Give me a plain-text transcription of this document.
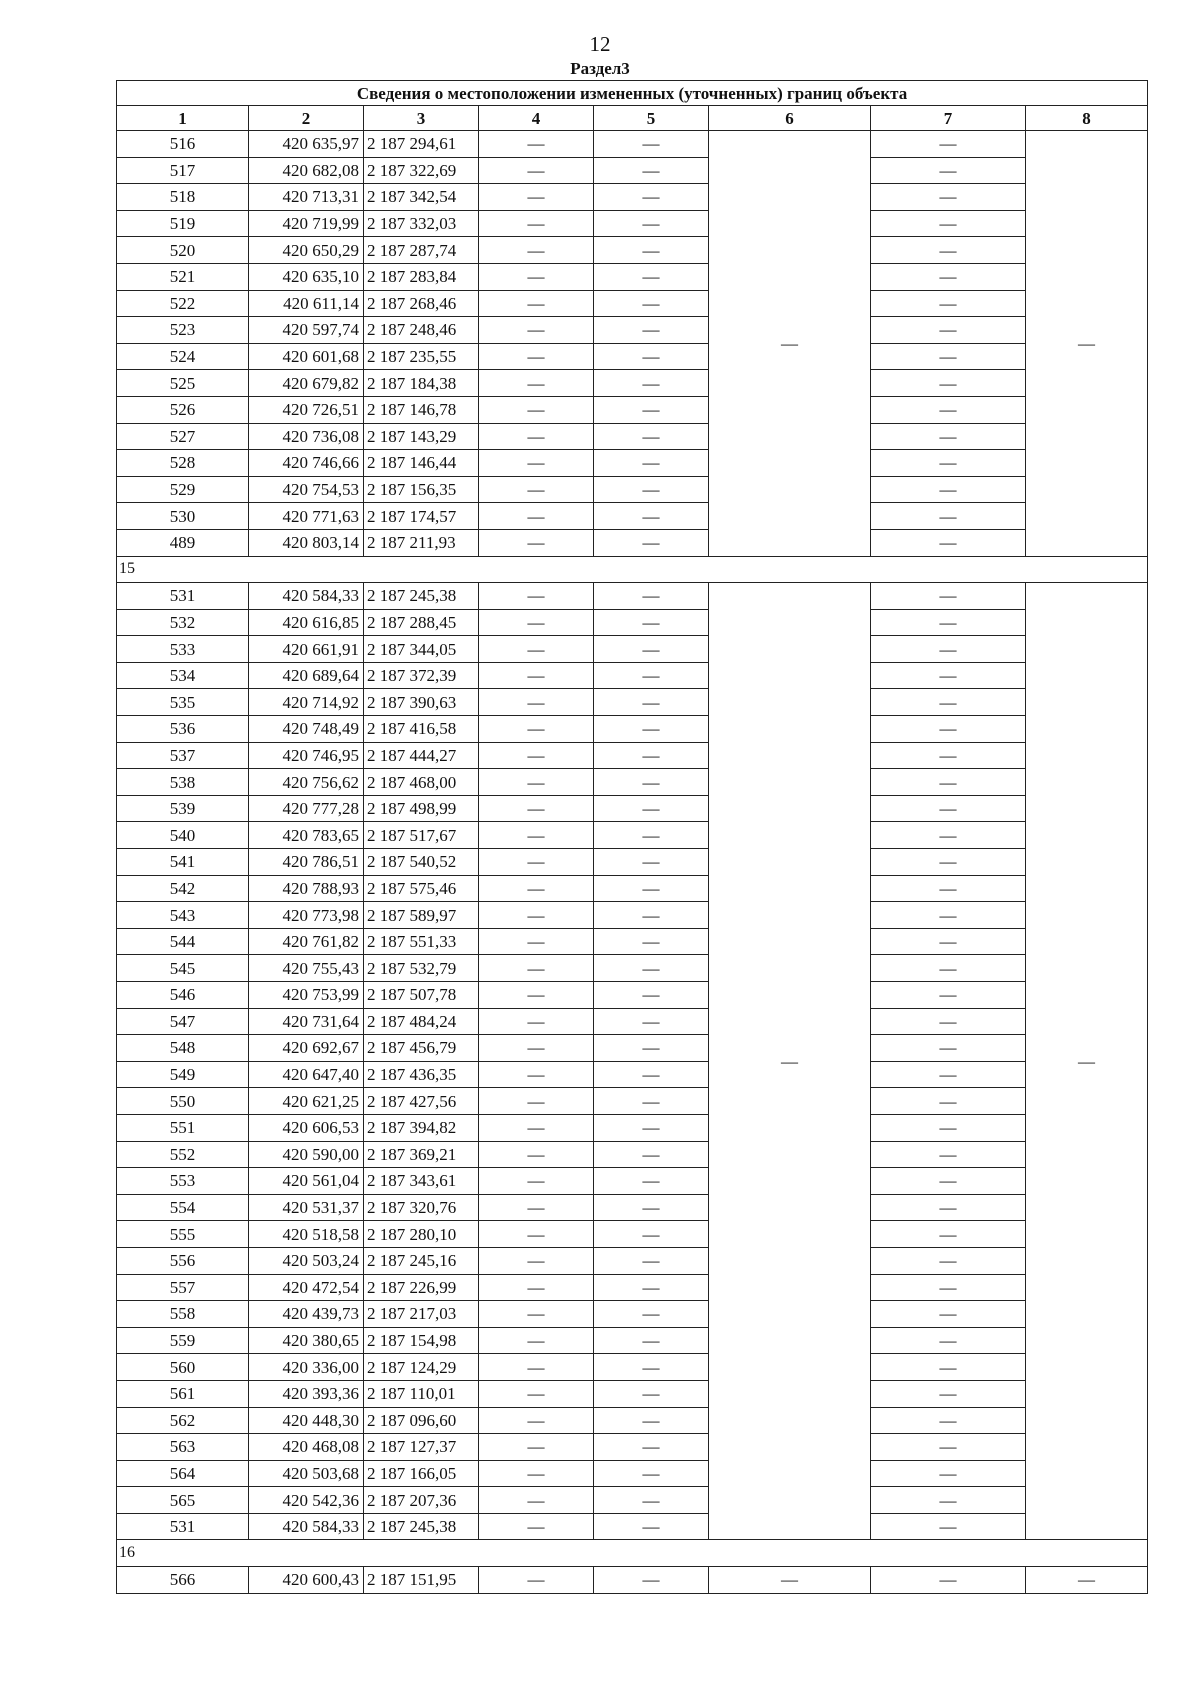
12
Раздел3
Сведения о местоположении измененных (уточненных) границ объекта							
1	2	3	4	5	6	7	8
516	420 635,97	2 187 294,61	—	—	—	—	—
517	420 682,08	2 187 322,69	—	—		—	
518	420 713,31	2 187 342,54	—	—		—	
519	420 719,99	2 187 332,03	—	—		—	
520	420 650,29	2 187 287,74	—	—		—	
521	420 635,10	2 187 283,84	—	—		—	
522	420 611,14	2 187 268,46	—	—		—	
523	420 597,74	2 187 248,46	—	—		—	
524	420 601,68	2 187 235,55	—	—		—	
525	420 679,82	2 187 184,38	—	—		—	
526	420 726,51	2 187 146,78	—	—		—	
527	420 736,08	2 187 143,29	—	—		—	
528	420 746,66	2 187 146,44	—	—		—	
529	420 754,53	2 187 156,35	—	—		—	
530	420 771,63	2 187 174,57	—	—		—	
489	420 803,14	2 187 211,93	—	—		—	
15							
531	420 584,33	2 187 245,38	—	—	—	—	—
532	420 616,85	2 187 288,45	—	—		—	
533	420 661,91	2 187 344,05	—	—		—	
534	420 689,64	2 187 372,39	—	—		—	
535	420 714,92	2 187 390,63	—	—		—	
536	420 748,49	2 187 416,58	—	—		—	
537	420 746,95	2 187 444,27	—	—		—	
538	420 756,62	2 187 468,00	—	—		—	
539	420 777,28	2 187 498,99	—	—		—	
540	420 783,65	2 187 517,67	—	—		—	
541	420 786,51	2 187 540,52	—	—		—	
542	420 788,93	2 187 575,46	—	—		—	
543	420 773,98	2 187 589,97	—	—		—	
544	420 761,82	2 187 551,33	—	—		—	
545	420 755,43	2 187 532,79	—	—		—	
546	420 753,99	2 187 507,78	—	—		—	
547	420 731,64	2 187 484,24	—	—		—	
548	420 692,67	2 187 456,79	—	—		—	
549	420 647,40	2 187 436,35	—	—		—	
550	420 621,25	2 187 427,56	—	—		—	
551	420 606,53	2 187 394,82	—	—		—	
552	420 590,00	2 187 369,21	—	—		—	
553	420 561,04	2 187 343,61	—	—		—	
554	420 531,37	2 187 320,76	—	—		—	
555	420 518,58	2 187 280,10	—	—		—	
556	420 503,24	2 187 245,16	—	—		—	
557	420 472,54	2 187 226,99	—	—		—	
558	420 439,73	2 187 217,03	—	—		—	
559	420 380,65	2 187 154,98	—	—		—	
560	420 336,00	2 187 124,29	—	—		—	
561	420 393,36	2 187 110,01	—	—		—	
562	420 448,30	2 187 096,60	—	—		—	
563	420 468,08	2 187 127,37	—	—		—	
564	420 503,68	2 187 166,05	—	—		—	
565	420 542,36	2 187 207,36	—	—		—	
531	420 584,33	2 187 245,38	—	—		—	
16							
566	420 600,43	2 187 151,95	—	—	—	—	—
